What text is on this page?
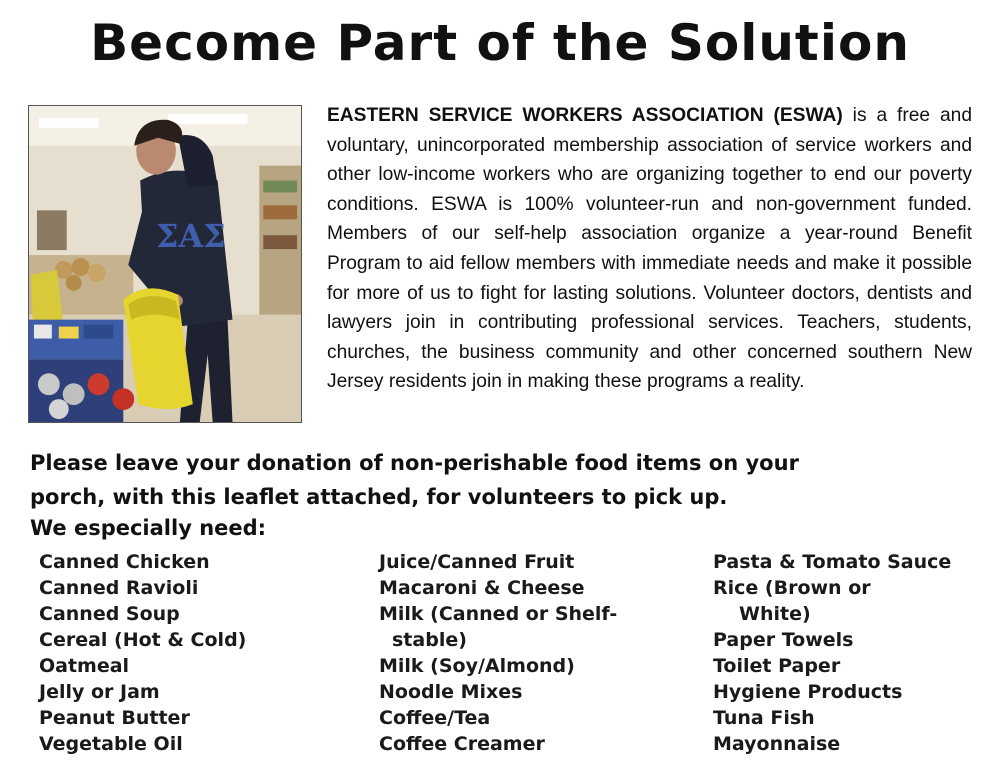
Become Part of the Solution
ΣΑΣ
EASTERN SERVICE WORKERS ASSOCIATION (ESWA) is a free and voluntary, unincorporated membership association of service workers and other low-income workers who are organizing together to end our poverty conditions. ESWA is 100% volunteer-run and non-government funded. Members of our self-help association organize a year-round Benefit Program to aid fellow members with immediate needs and make it possible for more of us to fight for lasting solutions. Volunteer doctors, dentists and lawyers join in contributing professional services. Teachers, students, churches, the business community and other concerned southern New Jersey residents join in making these programs a reality.
Please leave your donation of non-perishable food items on your
porch, with this leaflet attached, for volunteers to pick up.
We especially need:
Canned Chicken
Canned Ravioli
Canned Soup
Cereal (Hot & Cold)
Oatmeal
Jelly or Jam
Peanut Butter
Vegetable Oil
Juice/Canned Fruit
Macaroni & Cheese
Milk (Canned or Shelf-
stable)
Milk (Soy/Almond)
Noodle Mixes
Coffee/Tea
Coffee Creamer
Pasta & Tomato Sauce
Rice (Brown or
White)
Paper Towels
Toilet Paper
Hygiene Products
Tuna Fish
Mayonnaise
